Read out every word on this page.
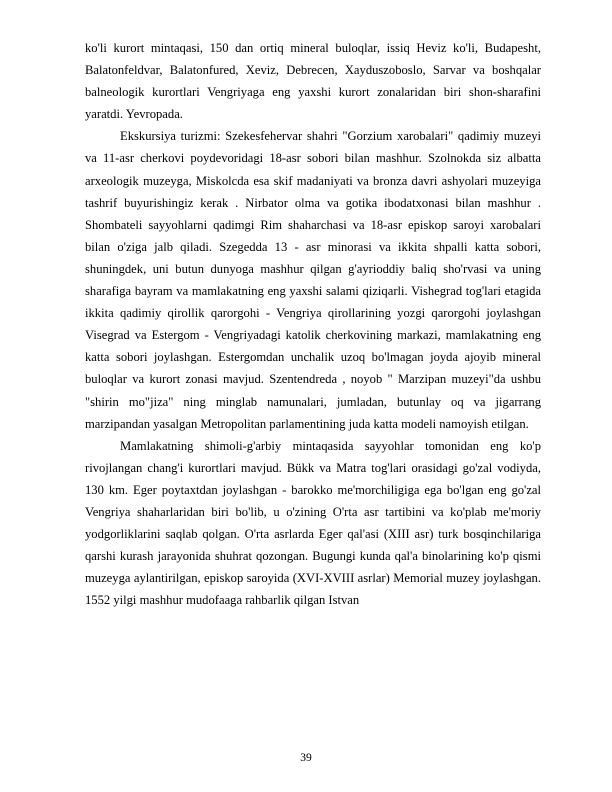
ko'li kurort mintaqasi, 150 dan ortiq mineral buloqlar, issiq Heviz ko'li, Budapesht, Balatonfeldvar, Balatonfured, Xeviz, Debrecen, Xayduszoboslo, Sarvar va boshqalar balneologik kurortlari Vengriyaga eng yaxshi kurort zonalaridan biri shon-sharafini yaratdi. Yevropada.

Ekskursiya turizmi: Szekesfehervar shahri "Gorzium xarobalari" qadimiy muzeyi va 11-asr cherkovi poydevoridagi 18-asr sobori bilan mashhur. Szolnokda siz albatta arxeologik muzeyga, Miskolcda esa skif madaniyati va bronza davri ashyolari muzeyiga tashrif buyurishingiz kerak . Nirbator olma va gotika ibodatxonasi bilan mashhur . Shombateli sayyohlarni qadimgi Rim shaharchasi va 18-asr episkop saroyi xarobalari bilan o'ziga jalb qiladi. Szegedda 13 - asr minorasi va ikkita shpalli katta sobori, shuningdek, uni butun dunyoga mashhur qilgan g'ayrioddiy baliq sho'rvasi va uning sharafiga bayram va mamlakatning eng yaxshi salami qiziqarli. Vishegrad tog'lari etagida ikkita qadimiy qirollik qarorgohi - Vengriya qirollarining yozgi qarorgohi joylashgan Visegrad va Estergom - Vengriyadagi katolik cherkovining markazi, mamlakatning eng katta sobori joylashgan. Estergomdan unchalik uzoq bo'lmagan joyda ajoyib mineral buloqlar va kurort zonasi mavjud. Szentendreda , noyob " Marzipan muzeyi"da ushbu "shirin mo"jiza" ning minglab namunalari, jumladan, butunlay oq va jigarrang marzipandan yasalgan Metropolitan parlamentining juda katta modeli namoyish etilgan.

Mamlakatning shimoli-g'arbiy mintaqasida sayyohlar tomonidan eng ko'p rivojlangan chang'i kurortlari mavjud. Bükk va Matra tog'lari orasidagi go'zal vodiyda, 130 km. Eger poytaxtdan joylashgan - barokko me'morchiligiga ega bo'lgan eng go'zal Vengriya shaharlaridan biri bo'lib, u o'zining O'rta asr tartibini va ko'plab me'moriy yodgorliklarini saqlab qolgan. O'rta asrlarda Eger qal'asi (XIII asr) turk bosqinchilariga qarshi kurash jarayonida shuhrat qozongan. Bugungi kunda qal'a binolarining ko'p qismi muzeyga aylantirilgan, episkop saroyida (XVI-XVIII asrlar) Memorial muzey joylashgan. 1552 yilgi mashhur mudofaaga rahbarlik qilgan Istvan

39
